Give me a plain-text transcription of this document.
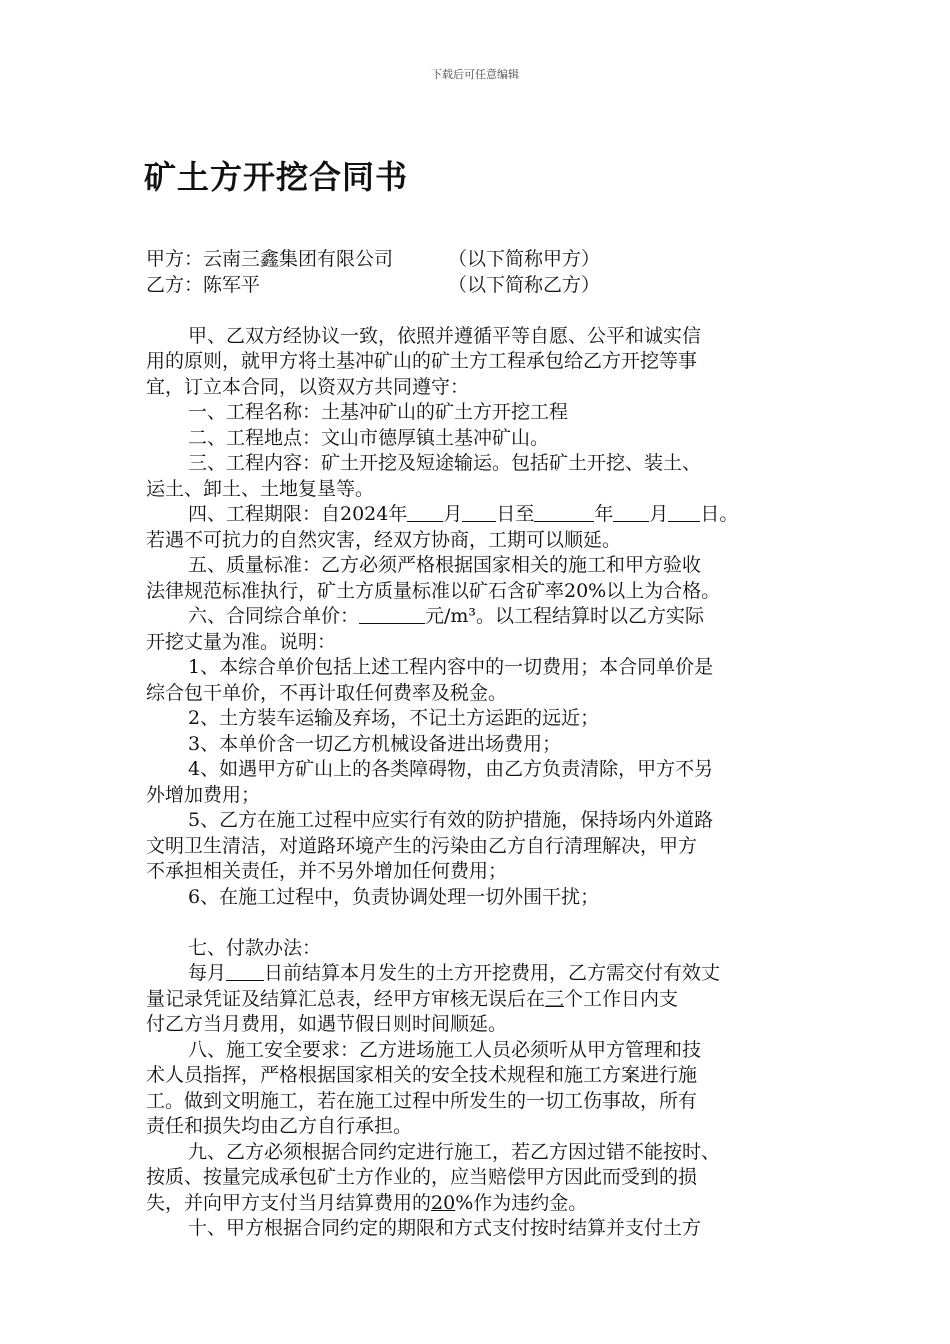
下载后可任意编辑
矿土方开挖合同书
甲方：云南三鑫集团有限公司	（以下简称甲方）
乙方：陈军平	（以下简称乙方）
甲、乙双方经协议一致，依照并遵循平等自愿、公平和诚实信
用的原则，就甲方将土基冲矿山的矿土方工程承包给乙方开挖等事
宜，订立本合同，以资双方共同遵守：
一、工程名称：土基冲矿山的矿土方开挖工程
二、工程地点：文山市德厚镇土基冲矿山。
三、工程内容：矿土开挖及短途输运。包括矿土开挖、装土、
运土、卸土、土地复垦等。
四、工程期限：自2024年 月 日至	年 月 日。
若遇不可抗力的自然灾害，经双方协商，工期可以顺延。
五、质量标准：乙方必须严格根据国家相关的施工和甲方验收
法律规范标准执行，矿土方质量标准以矿石含矿率20%以上为合格。
六、合同综合单价：	元/m³。以工程结算时以乙方实际
开挖丈量为准。说明：
1、本综合单价包括上述工程内容中的一切费用；本合同单价是
综合包干单价，不再计取任何费率及税金。
2、土方装车运输及弃场，不记土方运距的远近；
3、本单价含一切乙方机械设备进出场费用；
4、如遇甲方矿山上的各类障碍物，由乙方负责清除，甲方不另
外增加费用；
5、乙方在施工过程中应实行有效的防护措施，保持场内外道路
文明卫生清洁，对道路环境产生的污染由乙方自行清理解决，甲方
不承担相关责任，并不另外增加任何费用；
6、在施工过程中，负责协调处理一切外围干扰；
七、付款办法：
每月 日前结算本月发生的土方开挖费用，乙方需交付有效丈
量记录凭证及结算汇总表，经甲方审核无误后在三个工作日内支
付乙方当月费用，如遇节假日则时间顺延。
八、施工安全要求：乙方进场施工人员必须听从甲方管理和技
术人员指挥，严格根据国家相关的安全技术规程和施工方案进行施
工。做到文明施工，若在施工过程中所发生的一切工伤事故，所有
责任和损失均由乙方自行承担。
九、乙方必须根据合同约定进行施工，若乙方因过错不能按时、
按质、按量完成承包矿土方作业的，应当赔偿甲方因此而受到的损
失，并向甲方支付当月结算费用的20%作为违约金。
十、甲方根据合同约定的期限和方式支付按时结算并支付土方
